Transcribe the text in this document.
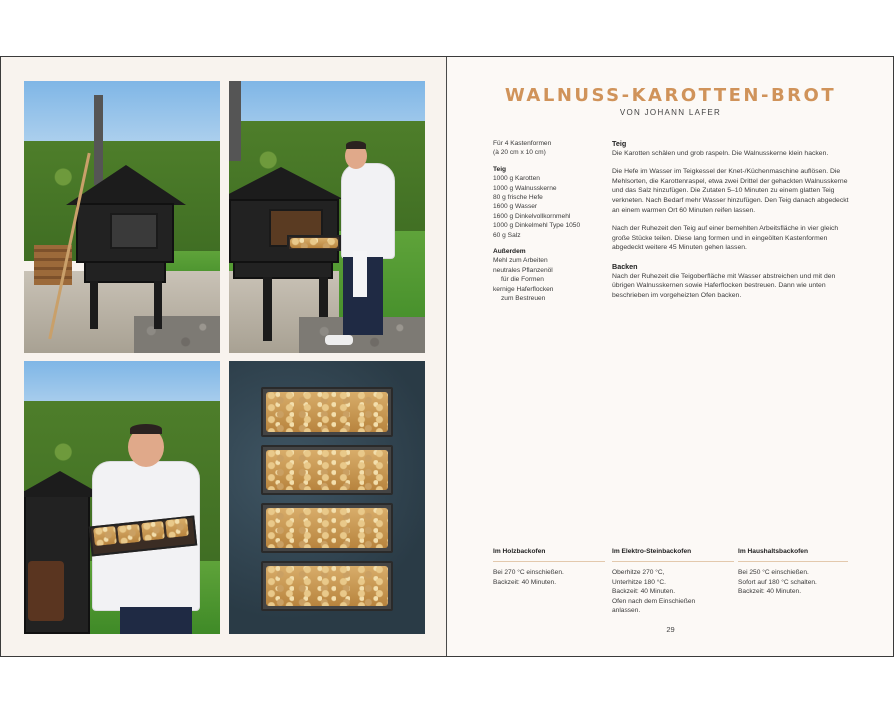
WALNUSS-KAROTTEN-BROT
VON JOHANN LAFER
Für 4 Kastenformen
(à 20 cm x 10 cm)
Teig
1000 g Karotten
1000 g Walnusskerne
80 g frische Hefe
1600 g Wasser
1600 g Dinkelvollkornmehl
1000 g Dinkelmehl Type 1050
60 g Salz
Außerdem
Mehl zum Arbeiten
neutrales Pflanzenöl
für die Formen
kernige Haferflocken
zum Bestreuen
Teig

Die Karotten schälen und grob raspeln. Die Walnusskerne klein hacken.

Die Hefe im Wasser im Teigkessel der Knet-/Küchenmaschine auflösen. Die Mehlsorten, die Karottenraspel, etwa zwei Drittel der gehackten Walnusskerne und das Salz hinzufügen. Die Zutaten 5–10 Minuten zu einem glatten Teig verkneten. Nach Bedarf mehr Wasser hinzufügen. Den Teig danach abgedeckt an einem warmen Ort 60 Minuten reifen lassen.

Nach der Ruhezeit den Teig auf einer bemehlten Arbeitsfläche in vier gleich große Stücke teilen. Diese lang formen und in eingeölten Kastenformen abgedeckt weitere 45 Minuten gehen lassen.

Backen

Nach der Ruhezeit die Teigoberfläche mit Wasser abstreichen und mit den übrigen Walnusskernen sowie Haferflocken bestreuen. Dann wie unten beschrieben im vorgeheizten Ofen backen.

Im Holzbackofen
Bei 270 °C einschießen.
Backzeit: 40 Minuten.
Im Elektro-Steinbackofen
Oberhitze 270 °C,
Unterhitze 180 °C.
Backzeit: 40 Minuten.
Ofen nach dem Einschießen
anlassen.
Im Haushaltsbackofen
Bei 250 °C einschießen.
Sofort auf 180 °C schalten.
Backzeit: 40 Minuten.
29
